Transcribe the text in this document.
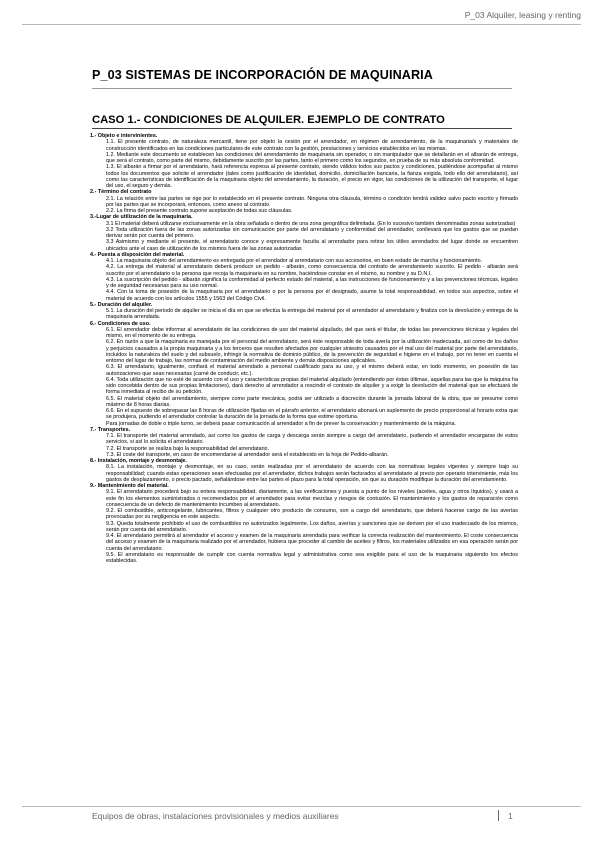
P_03 Alquiler, leasing y renting
P_03 SISTEMAS DE INCORPORACIÓN DE MAQUINARIA
CASO 1.- CONDICIONES DE ALQUILER. EJEMPLO DE CONTRATO
1.- Objeto e intervinientes.
1.1. El presente contrato, de naturaleza mercantil, tiene por objeto la cesión por el arrendador, en régimen de arrendamiento, de la maquinaria/s y materiales de construcción identificados en las condiciones particulares de este contrato con la gestión, prestaciones y servicios establecidos en las mismas.
1.2. Mediante este documento se establecen las condiciones del arrendamiento de maquinaria sin operador, o sin manipulador que se detallarán en el albarán de entrega, que será el contrato, como parte del mismo, debidamente suscrito por las partes, tanto el primero como los segundos, en prueba de su más absoluta conformidad.
1.3. El albarán a firmar por el arrendatario, hará referencia expresa al presente contrato, siendo válidos todos sus pactos y condiciones, pudiéndose acompañar al mismo todos los documentos que solicite el arrendador (tales como justificación de identidad, domicilio, domiciliación bancaria, la fianza exigida, todo ello del arrendatario), así como las características de identificación de la maquinaria objeto del arrendamiento, la duración, el precio en vigor, las condiciones de la utilización del transporte, el lugar del uso, el seguro y demás.
2.- Término del contrato
2.1. La relación entre las partes se rige por lo establecido en el presente contrato. Ninguna otra cláusula, término o condición tendrá validez salvo pacto escrito y firmado por las partes que se incorporará, entonces, como anexo al contrato.
2.2. La firma del presente contrato supone aceptación de todas sus cláusulas.
3.-Lugar de utilización de la maquinaria.
3.1 El material deberá utilizarse exclusivamente en la obra señalada o dentro de una zona geográfica delimitada. (En lo sucesivo también denominadas zonas autorizadas)
3.2 Toda utilización fuera de las zonas autorizadas sin comunicación por parte del arrendatario y conformidad del arrendador, conllevará que los gastos que se puedan derivar serán por cuenta del primero.
3.3 Asimismo y mediante el presente, el arrendatario conoce y expresamente faculta al arrendador para retirar los útiles arrendados del lugar donde se encuentren ubicados ante el caso de utilización de los mismos fuera de las zonas autorizadas
4.- Puesta a disposición del material.
4.1. La maquinaria objeto del arrendamiento es entregada por el arrendador al arrendatario con sus accesorios, en buen estado de marcha y funcionamiento.
4.2. La entrega del material al arrendatario deberá producir un pedido - albarán, como consecuencia del contrato de arrendamiento suscrito. El pedido - albarán será suscrito por el arrendatario o la persona que recoja la maquinaria en su nombre, haciéndose constar en el mismo, su nombre y su D.N.I.
4.3. La suscripción del pedido - albarán significa la conformidad al perfecto estado del material, a las instrucciones de funcionamiento y a las prevenciones técnicas, legales y de seguridad necesarias para su uso normal.
4.4. Con la toma de posesión de la maquinaria por el arrendatario o por la persona por él designado, asume la total responsabilidad, en todos sus aspectos, sobre el material de acuerdo con los artículos 1555 y 1563 del Código Civil.
5.- Duración del alquiler.
5.1. La duración del periodo de alquiler se inicia el día en que se efectúa la entrega del material por el arrendador al arrendatario y finaliza con la devolución y entrega de la maquinaria arrendada.
6.- Condiciones de uso.
6.1. El arrendador debe informar al arrendatario de las condiciones de uso del material alquilado, del que será el titular, de todas las prevenciones técnicas y legales del mismo, en el momento de su entrega.
6.2. En razón a que la maquinaria es manejada por el personal del arrendatario, será éste responsable de toda avería por la utilización inadecuada, así como de los daños y perjuicios causados a la propia maquinaria y a los terceros que resulten afectados por cualquier siniestro causados por el mal uso del material por parte del arrendatario, incluidos la naturaleza del suelo y del subsuelo, infringir la normativa de dominio público, de la prevención de seguridad e higiene en el trabajo, por no tener en cuenta el entorno del lugar de trabajo, las normas de contaminación del medio ambiente y demás disposiciones aplicables.
6.3. El arrendatario, igualmente, confiará el material arrendado a personal cualificado para su uso, y el mismo deberá estar, en todo momento, en posesión de las autorizaciones que sean necesarias (carné de conducir, etc.).
6.4. Toda utilización que no esté de acuerdo con el uso y características propias del material alquilado (entendiendo por éstas últimas, aquellas para las que la máquina ha sido concebida dentro de sus propias limitaciones), dará derecho al arrendador a rescindir el contrato de alquiler y a exigir la devolución del material que se efectuará de forma inmediata al recibo de su petición.
6.5. El material objeto del arrendamiento, siempre como parte mecánica, podrá ser utilizado a discreción durante la jornada laboral de la obra, que se presume como máximo de 8 horas diarias.
6.6. En el supuesto de sobrepasar las 8 horas de utilización fijadas en el párrafo anterior, el arrendatario abonará un suplemento de precio proporcional al horario extra que se produjera, pudiendo el arrendador controlar la duración de la jornada de la forma que estime oportuna.
Para jornadas de doble o triple turno, se deberá pasar comunicación al arrendador a fin de prever la conservación y mantenimiento de la máquina.
7.- Transportes.
7.1. El transporte del material arrendado, así como los gastos de carga y descarga serán siempre a cargo del arrendatario, pudiendo el arrendador encargarse de estos servicios, si así lo solicita el arrendatario.
7.2. El transporte se realiza bajo la responsabilidad del arrendatario.
7.3. El coste del transporte, en caso de encomendarse al arrendador será el establecido en la hoja de Pedido-albarán.
8.- Instalación, montaje y desmontaje.
8.1. La instalación, montaje y desmontaje, en su caso, serán realizadas por el arrendatario de acuerdo con las normativas legales vigentes y siempre bajo su responsabilidad; cuando estas operaciones sean efectuadas por el arrendador, dichos trabajos serán facturados al arrendatario al precio por operario interviniente, más los gastos de desplazamiento, o precio pactado, señalándose entre las partes el plazo para la total operación, sin que su duración modifique la duración del arrendamiento.
9.- Mantenimiento del material.
9.1. El arrendatario procederá bajo su entera responsabilidad, diariamente, a las verificaciones y puesta a punto de los niveles (aceites, agua y otros líquidos), y usará a este fin los elementos suministrados o recomendados por el arrendador para evitar mezclas y riesgos de contusión. El mantenimiento y los gastos de reparación como consecuencia de un defecto de mantenimiento incumben al arrendatario.
9.2. El combustible, anticongelante, lubricantes, filtros y cualquier otro producto de consumo, son a cargo del arrendatario, que deberá hacerse cargo de las averías provocadas por su negligencia en este aspecto.
9.3. Queda totalmente prohibido el uso de combustibles no autorizados legalmente. Los daños, averías y sanciones que se deriven por el uso inadecuado de los mismos, serán por cuenta del arrendatario.
9.4. El arrendatario permitirá al arrendador el acceso y examen de la maquinaria arrendada para verificar la correcta realización del mantenimiento. El coste consecuencia del acceso y examen de la maquinaria realizado por el arrendador, hubiera que proceder al cambio de aceites y filtros, los materiales utilizados en esa operación serán por cuenta del arrendatario.
9.5. El arrendatario es responsable de cumplir con cuenta normativa legal y administrativa como sea exigible para el uso de la maquinaria siguiendo los efectos establecidas.
Equipos de obras, instalaciones provisionales y medios auxiliares	1
